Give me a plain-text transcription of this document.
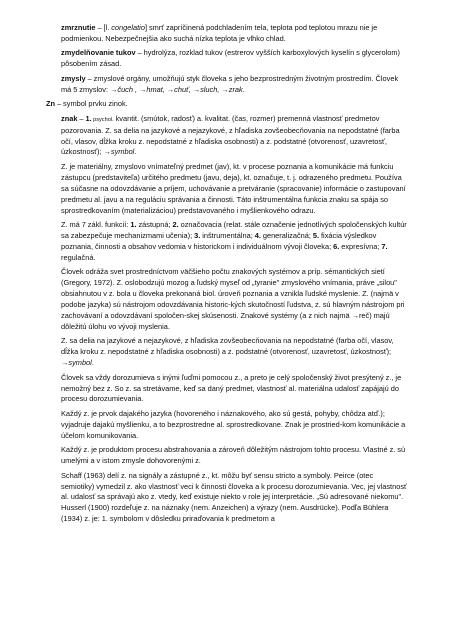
zmrznutie – [l. congelatio] smrť zapríčinená podchladením tela, teplota pod teplotou mrazu nie je podmienkou. Nebezpečnejšia ako suchá nízka teplota je vlhko chlad.

zmydelňovanie tukov – hydrolýza, rozklad tukov (estrerov vyšších karboxylových kyselín s glycerolom) pôsobením zásad.

zmysly – zmyslové orgány, umožňujú styk človeka s jeho bezprostredným životným prostredím. Človek má 5 zmyslov: →čuch , →hmat, →chuť, →sluch, →zrak.

Zn – symbol prvku zinok.

znak – 1. psychol. kvantit. (smútok, radosť) a. kvalitat. (čas, rozmer) premenná vlastnosť predmetov pozorovania. Z. sa delia na jazykové a nejazykové, z hľadiska zovšeobecňovania na nepodstatné (farba očí, vlasov, dĺžka kroku z. nepodstatné z hľadiska osobnosti) a z. podstatné (otvorenosť, uzavretosť, úzkostnosť); →symbol.

Z. je materiálny, zmyslovo vnímateľný predmet (jav), kt. v procese poznania a komunikácie má funkciu zástupcu (predstaviteľa) určitého predmetu (javu, deja), kt. označuje, t. j. odrazeného predmetu. Používa sa súčasne na odovzdávanie a príjem, uchovávanie a pretváranie (spracovanie) informácie o zastupovaní predmetu al. javu a na reguláciu správania a činnosti. Táto inštrumentálna funkcia znaku sa spája so sprostredkovaním (materializáciou) predstavovaného i myšlienkového odrazu.

Z. má 7 zákl. funkcií: 1. zástupná; 2. označovacia (relat. stále označenie jednotlivých spoločenských kultúr sa zabezpečuje mechanizmami učenia); 3. inštrumentálna; 4. generalizačná; 5. fixácia výsledkov poznania, činnosti a obsahov vedomia v historickom i individuálnom vývoji človeka; 6. expresívna; 7. regulačná.

Človek odráža svet prostredníctvom väčšieho počtu znakových systémov a príp. sémantických sietí (Gregory, 1972). Z. oslobodzujú mozog a ľudský myseľ od „tyranie" zmyslového vnímania, práve „silou" obsiahnutou v z. bola u človeka prekonaná biol. úroveň poznania a vznikla ľudské myslenie. Z. (najmä v podobe jazyka) sú nástrojom odovzdávania historic-kých skutočností ľudstva, z. sú hlavným nástrojom pri zachovávaní a odovzdávaní spoločen-skej skúsenosti. Znakové systémy (a z nich najmä →reč) majú dôležitú úlohu vo vývoji myslenia.

Z. sa delia na jazykové a nejazykové, z hľadiska zovšeobecňovania na nepodstatné (farba očí, vlasov, dĺžka kroku z. nepodstatné z hľadiska osobnosti) a z. podstatné (otvorenosť, uzavretosť, úzkostnosť); →symbol.

Človek sa vždy dorozumieva s inými ľuďmi pomocou z., a preto je celý spoločenský život presýtený z., je nemožný bez z. So z. sa stretávame, keď sa daný predmet, vlastnosť al. materiálna udalosť zapájajú do procesu dorozumievania.

Každý z. je prvok dajakého jazyka (hovoreného i náznakového, ako sú gestá, pohyby, chôdza atď.); vyjadruje dajakú myšlienku, a to bezprostredne al. sprostredkovane. Znak je prostried-kom komunikácie a účelom komunikovania.

Každý z. je produktom procesu abstrahovania a zároveň dôležitým nástrojom tohto procesu. Vlastné z. sú umelými a v istom zmysle dohovorenými z.

Schaff (1963) delí z. na signály a zástupné z., kt. môžu byť sensu stricto a symboly. Peirce (otec semiotiky) vymedzil z. ako vlastnosť veci k činnosti človeka a k procesu dorozumievania. Vec, jej vlastnosť al. udalosť sa správajú ako z. vtedy, keď existuje niekto v role jej interpretácie. „Sú adresované niekomu". Husserl (1900) rozdeľuje z. na náznaky (nem. Anzeichen) a výrazy (nem. Ausdrücke). Podľa Bühlera (1934) z. je: 1. symbolom v dôsledku priraďovania k predmetom a
